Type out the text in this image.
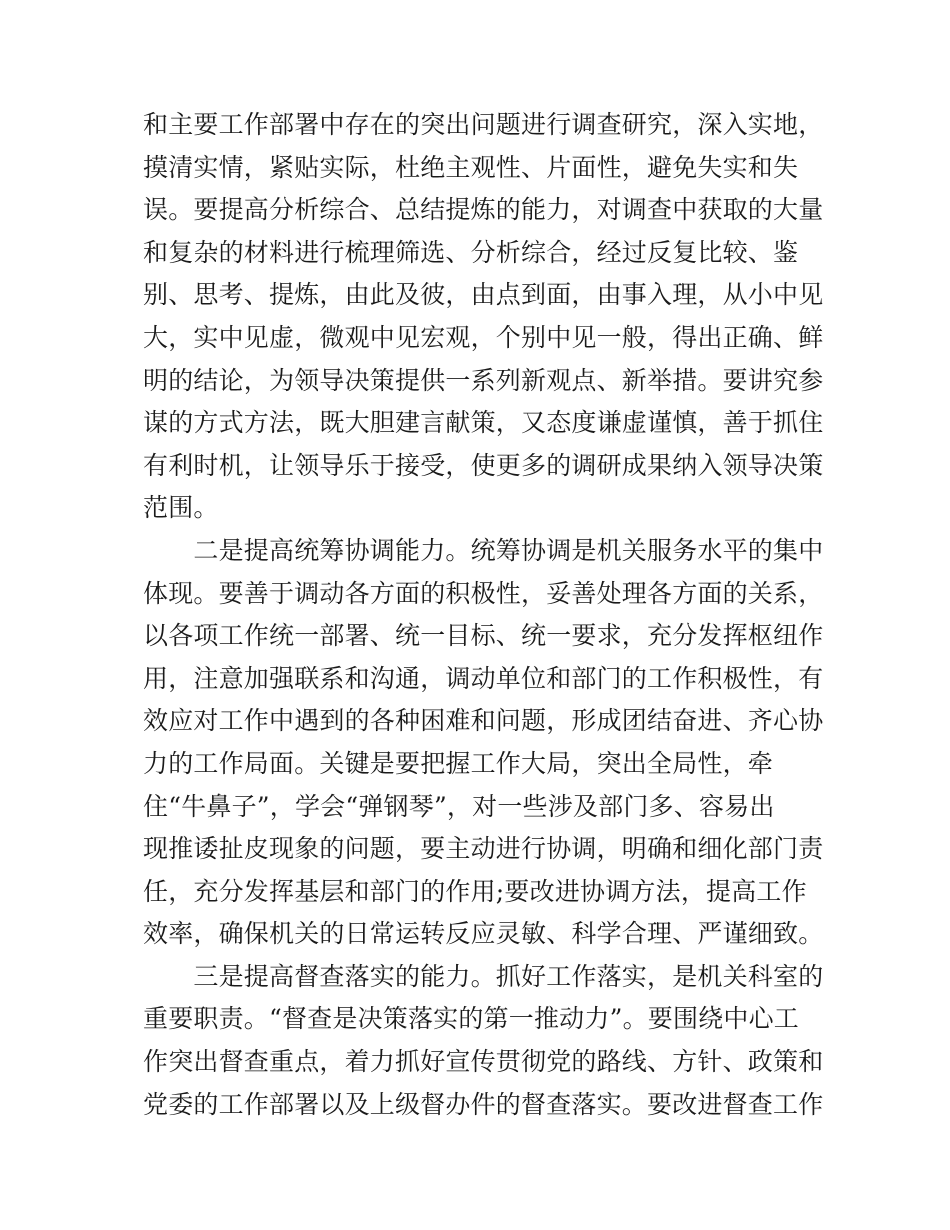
和主要工作部署中存在的突出问题进行调查研究，深入实地，
摸清实情，紧贴实际，杜绝主观性、片面性，避免失实和失
误。要提高分析综合、总结提炼的能力，对调查中获取的大量
和复杂的材料进行梳理筛选、分析综合，经过反复比较、鉴
别、思考、提炼，由此及彼，由点到面，由事入理，从小中见
大，实中见虚，微观中见宏观，个别中见一般，得出正确、鲜
明的结论，为领导决策提供一系列新观点、新举措。要讲究参
谋的方式方法，既大胆建言献策，又态度谦虚谨慎，善于抓住
有利时机，让领导乐于接受，使更多的调研成果纳入领导决策
范围。
　　二是提高统筹协调能力。统筹协调是机关服务水平的集中
体现。要善于调动各方面的积极性，妥善处理各方面的关系，
以各项工作统一部署、统一目标、统一要求，充分发挥枢纽作
用，注意加强联系和沟通，调动单位和部门的工作积极性，有
效应对工作中遇到的各种困难和问题，形成团结奋进、齐心协
力的工作局面。关键是要把握工作大局，突出全局性，牵
住“牛鼻子”，学会“弹钢琴”，对一些涉及部门多、容易出
现推诿扯皮现象的问题，要主动进行协调，明确和细化部门责
任，充分发挥基层和部门的作用;要改进协调方法，提高工作
效率，确保机关的日常运转反应灵敏、科学合理、严谨细致。
　　三是提高督查落实的能力。抓好工作落实，是机关科室的
重要职责。“督查是决策落实的第一推动力”。要围绕中心工
作突出督查重点，着力抓好宣传贯彻党的路线、方针、政策和
党委的工作部署以及上级督办件的督查落实。要改进督查工作
